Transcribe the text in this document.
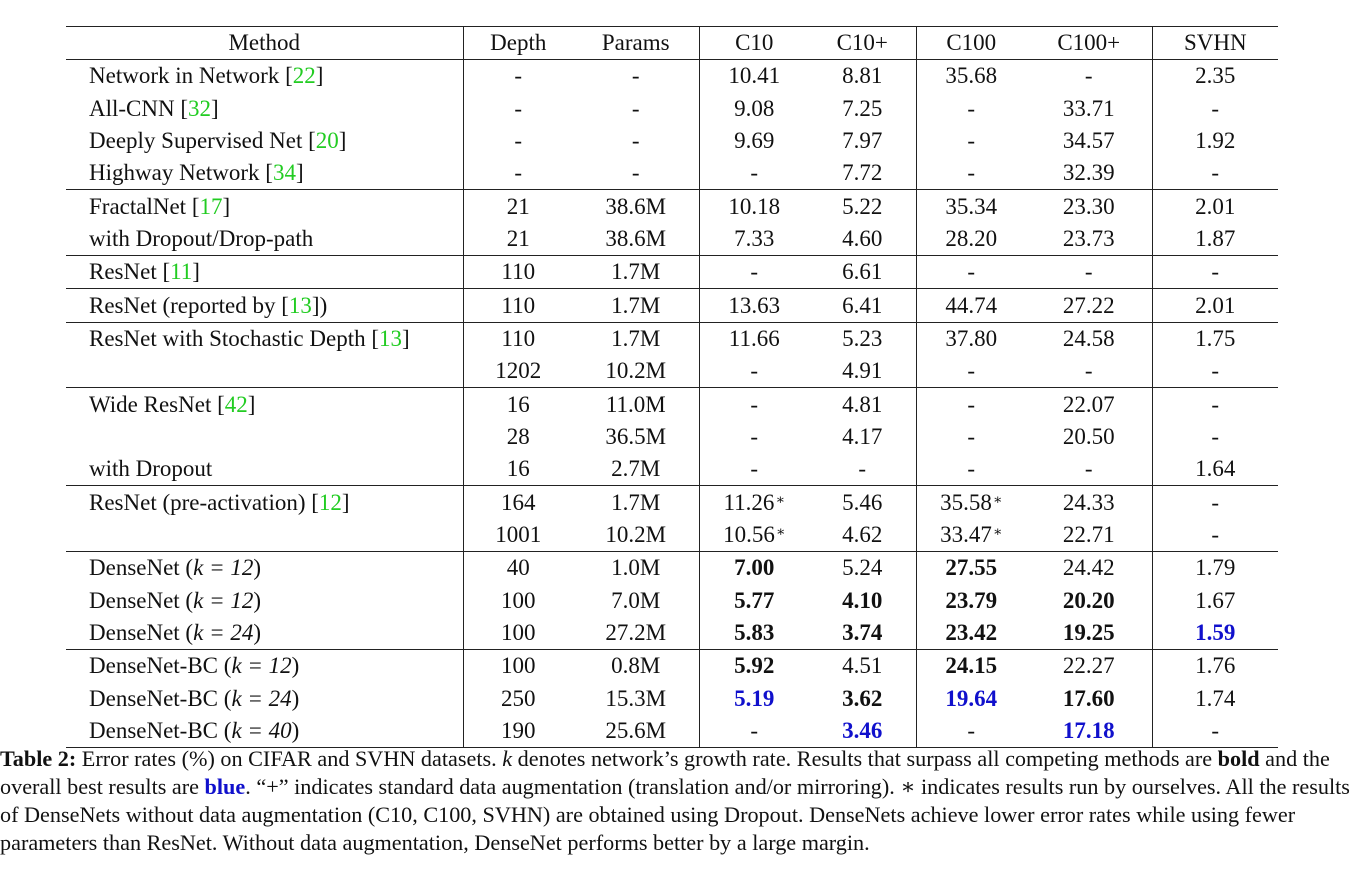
Method	Depth	Params	C10	C10+	C100	C100+	SVHN
Network in Network [22]	-	-	10.41	8.81	35.68	-	2.35
All-CNN [32]	-	-	9.08	7.25	-	33.71	-
Deeply Supervised Net [20]	-	-	9.69	7.97	-	34.57	1.92
Highway Network [34]	-	-	-	7.72	-	32.39	-
FractalNet [17]	21	38.6M	10.18	5.22	35.34	23.30	2.01
with Dropout/Drop-path	21	38.6M	7.33	4.60	28.20	23.73	1.87
ResNet [11]	110	1.7M	-	6.61	-	-	-
ResNet (reported by [13])	110	1.7M	13.63	6.41	44.74	27.22	2.01
ResNet with Stochastic Depth [13]	110	1.7M	11.66	5.23	37.80	24.58	1.75
	1202	10.2M	-	4.91	-	-	-
Wide ResNet [42]	16	11.0M	-	4.81	-	22.07	-
	28	36.5M	-	4.17	-	20.50	-
with Dropout	16	2.7M	-	-	-	-	1.64
ResNet (pre-activation) [12]	164	1.7M	11.26∗	5.46	35.58∗	24.33	-
	1001	10.2M	10.56∗	4.62	33.47∗	22.71	-
DenseNet (k = 12)	40	1.0M	7.00	5.24	27.55	24.42	1.79
DenseNet (k = 12)	100	7.0M	5.77	4.10	23.79	20.20	1.67
DenseNet (k = 24)	100	27.2M	5.83	3.74	23.42	19.25	1.59
DenseNet-BC (k = 12)	100	0.8M	5.92	4.51	24.15	22.27	1.76
DenseNet-BC (k = 24)	250	15.3M	5.19	3.62	19.64	17.60	1.74
DenseNet-BC (k = 40)	190	25.6M	-	3.46	-	17.18	-
Table 2: Error rates (%) on CIFAR and SVHN datasets. k denotes network’s growth rate. Results that surpass all competing methods are bold and the overall best results are blue. “+” indicates standard data augmentation (translation and/or mirroring). ∗ indicates results run by ourselves. All the results of DenseNets without data augmentation (C10, C100, SVHN) are obtained using Dropout. DenseNets achieve lower error rates while using fewer parameters than ResNet. Without data augmentation, DenseNet performs better by a large margin.
